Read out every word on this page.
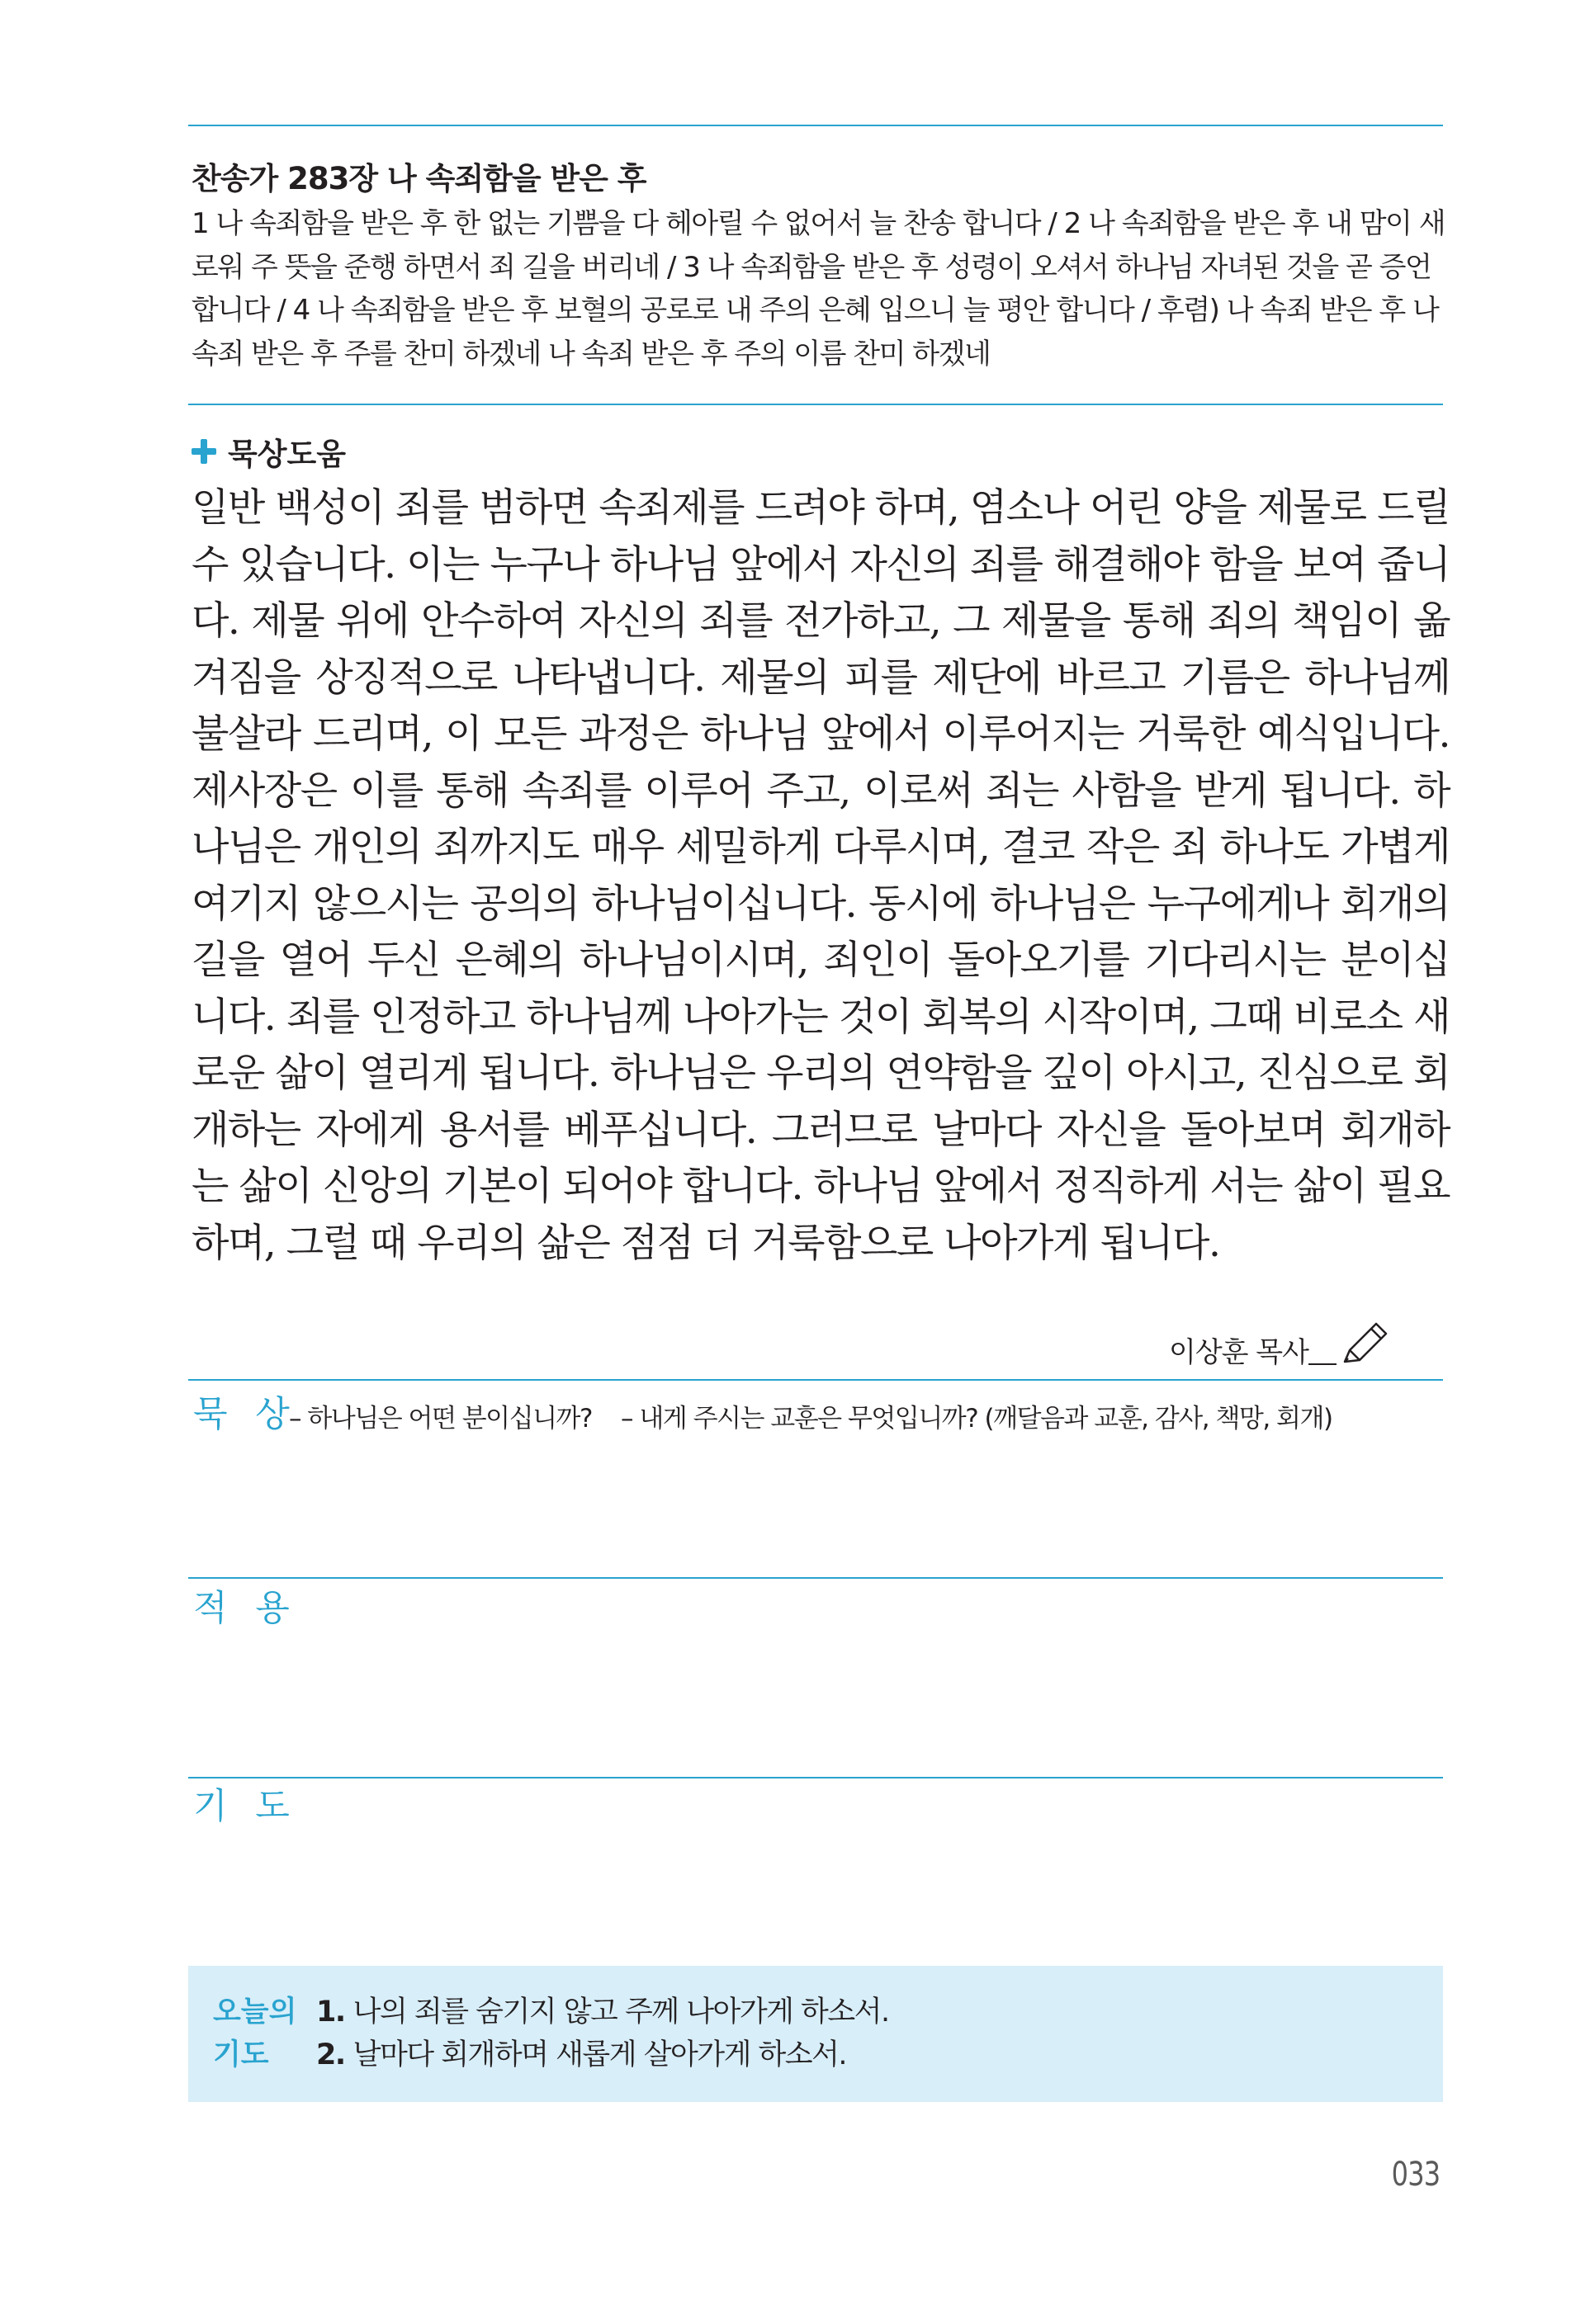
찬송가 283장 나 속죄함을 받은 후
1 나 속죄함을 받은 후 한 없는 기쁨을 다 헤아릴 수 없어서 늘 찬송 합니다 / 2 나 속죄함을 받은 후 내 맘이 새로워 주 뜻을 준행 하면서 죄 길을 버리네 / 3 나 속죄함을 받은 후 성령이 오셔서 하나님 자녀된 것을 곧 증언 합니다 / 4 나 속죄함을 받은 후 보혈의 공로로 내 주의 은혜 입으니 늘 평안 합니다 / 후렴) 나 속죄 받은 후 나 속죄 받은 후 주를 찬미 하겠네 나 속죄 받은 후 주의 이름 찬미 하겠네
묵상도움
일반 백성이 죄를 범하면 속죄제를 드려야 하며, 염소나 어린 양을 제물로 드릴 수 있습니다. 이는 누구나 하나님 앞에서 자신의 죄를 해결해야 함을 보여 줍니다. 제물 위에 안수하여 자신의 죄를 전가하고, 그 제물을 통해 죄의 책임이 옮겨짐을 상징적으로 나타냅니다. 제물의 피를 제단에 바르고 기름은 하나님께 불살라 드리며, 이 모든 과정은 하나님 앞에서 이루어지는 거룩한 예식입니다. 제사장은 이를 통해 속죄를 이루어 주고, 이로써 죄는 사함을 받게 됩니다. 하나님은 개인의 죄까지도 매우 세밀하게 다루시며, 결코 작은 죄 하나도 가볍게 여기지 않으시는 공의의 하나님이십니다. 동시에 하나님은 누구에게나 회개의 길을 열어 두신 은혜의 하나님이시며, 죄인이 돌아오기를 기다리시는 분이십니다. 죄를 인정하고 하나님께 나아가는 것이 회복의 시작이며, 그때 비로소 새로운 삶이 열리게 됩니다. 하나님은 우리의 연약함을 깊이 아시고, 진심으로 회개하는 자에게 용서를 베푸십니다. 그러므로 날마다 자신을 돌아보며 회개하는 삶이 신앙의 기본이 되어야 합니다. 하나님 앞에서 정직하게 서는 삶이 필요하며, 그럴 때 우리의 삶은 점점 더 거룩함으로 나아가게 됩니다.
이상훈 목사
묵 상
– 하나님은 어떤 분이십니까? – 내게 주시는 교훈은 무엇입니까? (깨달음과 교훈, 감사, 책망, 회개)
적 용
기 도
오늘의
기도
1. 나의 죄를 숨기지 않고 주께 나아가게 하소서.
2. 날마다 회개하며 새롭게 살아가게 하소서.
033
